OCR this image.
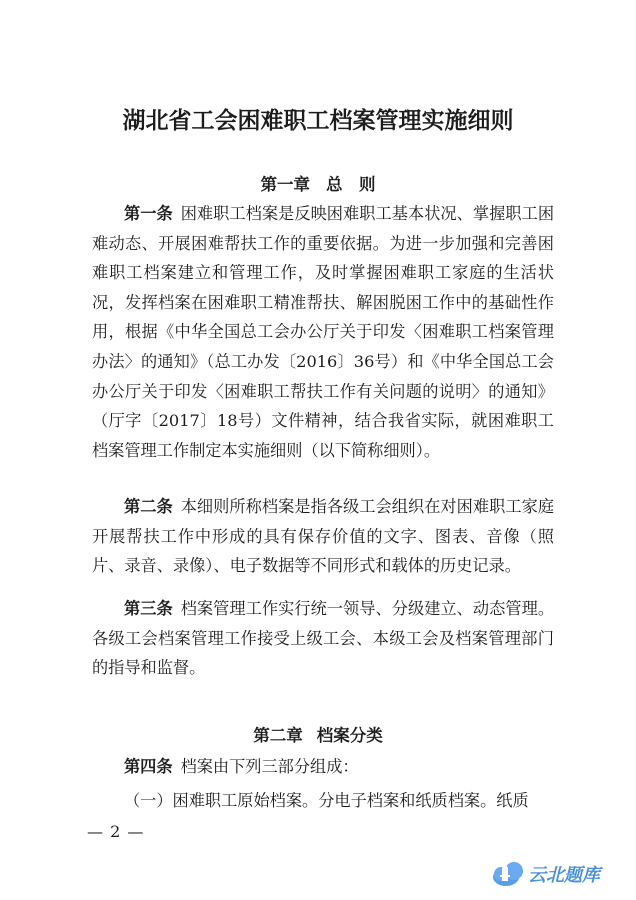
湖北省工会困难职工档案管理实施细则
第一章 总　则

第一条 困难职工档案是反映困难职工基本状况、掌握职工困难动态、开展困难帮扶工作的重要依据。为进一步加强和完善困难职工档案建立和管理工作，及时掌握困难职工家庭的生活状况，发挥档案在困难职工精准帮扶、解困脱困工作中的基础性作用，根据《中华全国总工会办公厅关于印发〈困难职工档案管理办法〉的通知》（总工办发〔2016〕36号）和《中华全国总工会办公厅关于印发〈困难职工帮扶工作有关问题的说明〉的通知》（厅字〔2017〕18号）文件精神，结合我省实际，就困难职工档案管理工作制定本实施细则（以下简称细则）。

第二条 本细则所称档案是指各级工会组织在对困难职工家庭开展帮扶工作中形成的具有保存价值的文字、图表、音像（照片、录音、录像）、电子数据等不同形式和载体的历史记录。

第三条 档案管理工作实行统一领导、分级建立、动态管理。各级工会档案管理工作接受上级工会、本级工会及档案管理部门的指导和监督。

第二章 档案分类

第四条 档案由下列三部分组成：

（一）困难职工原始档案。分电子档案和纸质档案。纸质

— 2 —

云北题库
